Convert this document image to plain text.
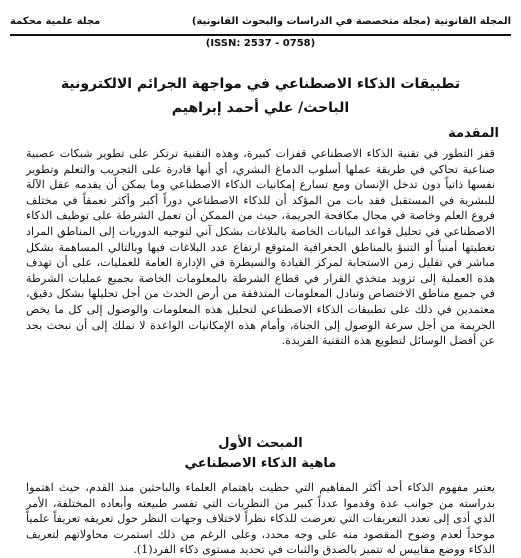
المجلة القانونية (مجلة متخصصة في الدراسات والبحوث القانونية)
مجلة علمية محكمة
(ISSN: 2537 - 0758)
تطبيقات الذكاء الاصطناعي في مواجهة الجرائم الالكترونية
الباحث/ علي أحمد إبراهيم
المقدمة
قفز التطور في تقنية الذكاء الاصطناعي قفزات كبيرة، وهذه التقنية ترتكز على تطوير شبكات عصبية صناعية تحاكي في طريقة عملها أسلوب الدماغ البشري، أي أنها قادرة على التجريب والتعلم وتطوير نفسها ذاتياً دون تدخل الإنسان ومع تسارع إمكانيات الذكاء الاصطناعي وما يمكن أن يقدمه عقل الآلة للبشرية في المستقبل فقد بات من المؤكد أن للذكاء الاصطناعي دوراً أكبر وأكثر تعمقاً في مختلف فروع العلم وخاصة في مجال مكافحة الجريمة، حيث من الممكن أن تعمل الشرطة على توظيف الذكاء الاصطناعي في تحليل قواعد البيانات الخاصة بالبلاغات بشكل آني لتوجيه الدوريات إلى المناطق المراد تغطيتها أمنياً أو التنبؤ بالمناطق الجغرافية المتوقع ارتفاع عدد البلاغات فيها وبالتالي المساهمة بشكل مباشر في تقليل زمن الاستجابة لمركز القيادة والسيطرة في الإدارة العامة للعمليات، على أن تهدف هذه العملية إلى تزويد متخذي القرار في قطاع الشرطة بالمعلومات الخاصة بجميع عمليات الشرطة في جميع مناطق الاختصاص وتبادل المعلومات المتدفقة من أرض الحدث من أجل تحليلها بشكل دقيق، معتمدين في ذلك على تطبيقات الذكاء الاصطناعي لتحليل هذه المعلومات والوصول إلى كل ما يخص الجريمة من أجل سرعة الوصول إلى الجناة، وأمام هذه الإمكانيات الواعدة لا نملك إلى أن نبحث بجد عن أفضل الوسائل لتطويع هذه التقنية الفريدة.
المبحث الأول
ماهية الذكاء الاصطناعي
يعتبر مفهوم الذكاء أحد أكثر المفاهيم التي حظيت باهتمام العلماء والباحثين منذ القدم، حيث اهتموا بدراسته من جوانب عدة وقدموا عدداً كبير من النظريات التي تفسر طبيعته وأبعاده المختلفة، الأمر الذي أدى إلى تعدد التعريفات التي تعرضت للذكاء نظراً لاختلاف وجهات النظر حول تعريفه تعريفاً علمياً موحداً لعدم وضوح المقصود منه على وجه محدد، وعلى الرغم من ذلك استمرت محاولاتهم لتعريف الذكاء ووضع مقاييس له تتميز بالصدق والثبات في تحديد مستوى ذكاء الفرد(1).
